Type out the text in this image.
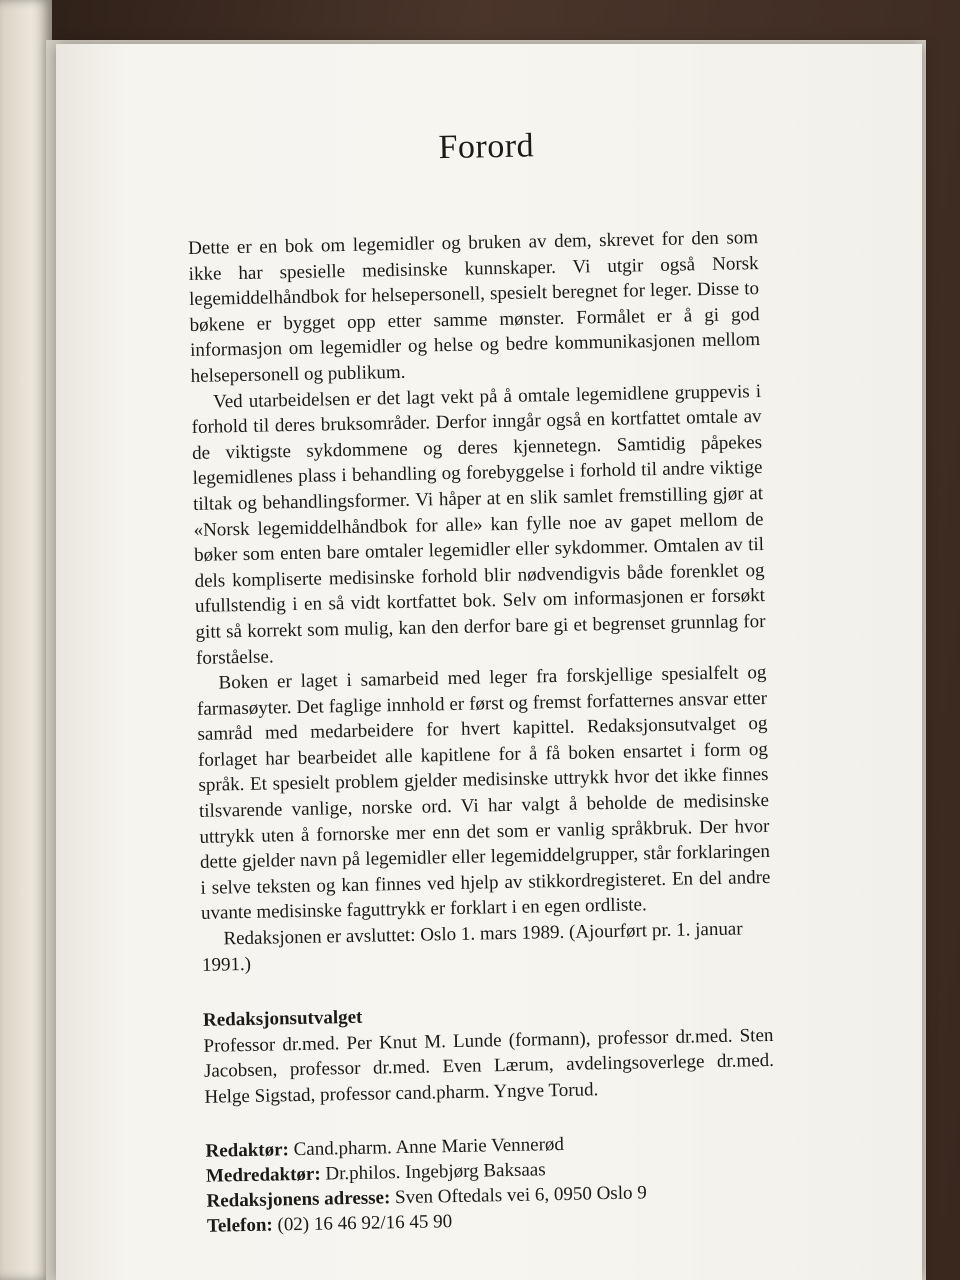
Forord

Dette er en bok om legemidler og bruken av dem, skrevet for den som ikke har spesielle medisinske kunnskaper. Vi utgir også Norsk legemiddelhåndbok for helsepersonell, spesielt beregnet for leger. Disse to bøkene er bygget opp etter samme mønster. Formålet er å gi god informasjon om legemidler og helse og bedre kommunikasjonen mellom helsepersonell og publikum.

Ved utarbeidelsen er det lagt vekt på å omtale legemidlene gruppevis i forhold til deres bruksområder. Derfor inngår også en kortfattet omtale av de viktigste sykdommene og deres kjennetegn. Samtidig påpekes legemidlenes plass i behandling og forebyggelse i forhold til andre viktige tiltak og behandlingsformer. Vi håper at en slik samlet fremstilling gjør at «Norsk legemiddelhåndbok for alle» kan fylle noe av gapet mellom de bøker som enten bare omtaler legemidler eller sykdommer. Omtalen av til dels kompliserte medisinske forhold blir nødvendigvis både forenklet og ufullstendig i en så vidt kortfattet bok. Selv om informasjonen er forsøkt gitt så korrekt som mulig, kan den derfor bare gi et begrenset grunnlag for forståelse.

Boken er laget i samarbeid med leger fra forskjellige spesialfelt og farmasøyter. Det faglige innhold er først og fremst forfatternes ansvar etter samråd med medarbeidere for hvert kapittel. Redaksjonsutvalget og forlaget har bearbeidet alle kapitlene for å få boken ensartet i form og språk. Et spesielt problem gjelder medisinske uttrykk hvor det ikke finnes tilsvarende vanlige, norske ord. Vi har valgt å beholde de medisinske uttrykk uten å fornorske mer enn det som er vanlig språkbruk. Der hvor dette gjelder navn på legemidler eller legemiddelgrupper, står forklaringen i selve teksten og kan finnes ved hjelp av stikkordregisteret. En del andre uvante medisinske faguttrykk er forklart i en egen ordliste.

Redaksjonen er avsluttet: Oslo 1. mars 1989. (Ajourført pr. 1. januar 1991.)

Redaksjonsutvalget
Professor dr.med. Per Knut M. Lunde (formann), professor dr.med. Sten Jacobsen, professor dr.med. Even Lærum, avdelingsoverlege dr.med. Helge Sigstad, professor cand.pharm. Yngve Torud.
Redaktør: Cand.pharm. Anne Marie Vennerød
Medredaktør: Dr.philos. Ingebjørg Baksaas
Redaksjonens adresse: Sven Oftedals vei 6, 0950 Oslo 9
Telefon: (02) 16 46 92/16 45 90
